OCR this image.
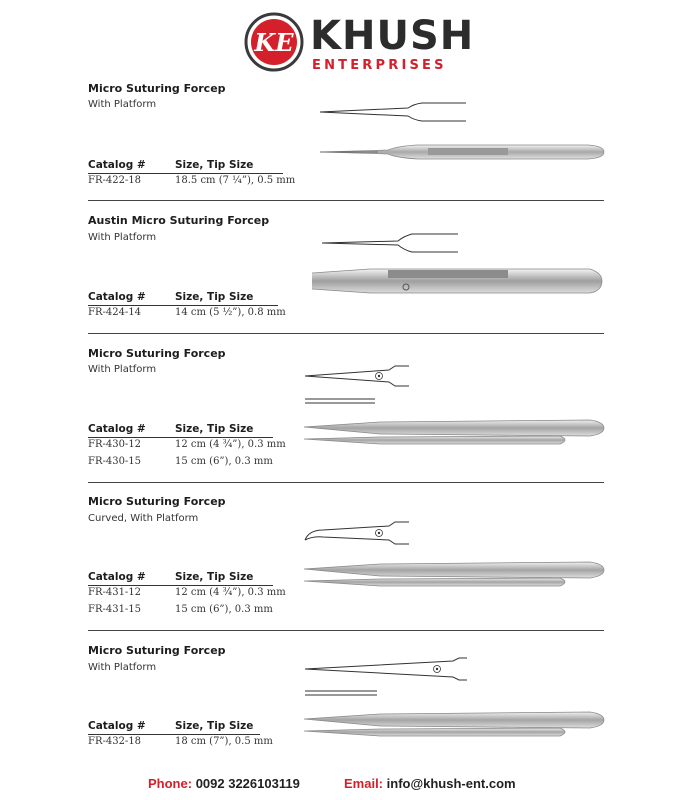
KE KHUSH
ENTERPRISES
Micro Suturing Forcep
With Platform
Catalog #	Size, Tip Size
FR-422-18	18.5 cm (7 ¼”), 0.5 mm
Austin Micro Suturing Forcep
With Platform
Catalog #	Size, Tip Size
FR-424-14	14 cm (5 ½”), 0.8 mm
Micro Suturing Forcep
With Platform
Catalog #	Size, Tip Size
FR-430-12	12 cm (4 ¾”), 0.3 mm
FR-430-15	15 cm (6”), 0.3 mm
Micro Suturing Forcep
Curved, With Platform
Catalog #	Size, Tip Size
FR-431-12	12 cm (4 ¾”), 0.3 mm
FR-431-15	15 cm (6”), 0.3 mm
Micro Suturing Forcep
With Platform
Catalog #	Size, Tip Size
FR-432-18	18 cm (7”), 0.5 mm
Phone: 0092 3226103119	Email: info@khush-ent.com
